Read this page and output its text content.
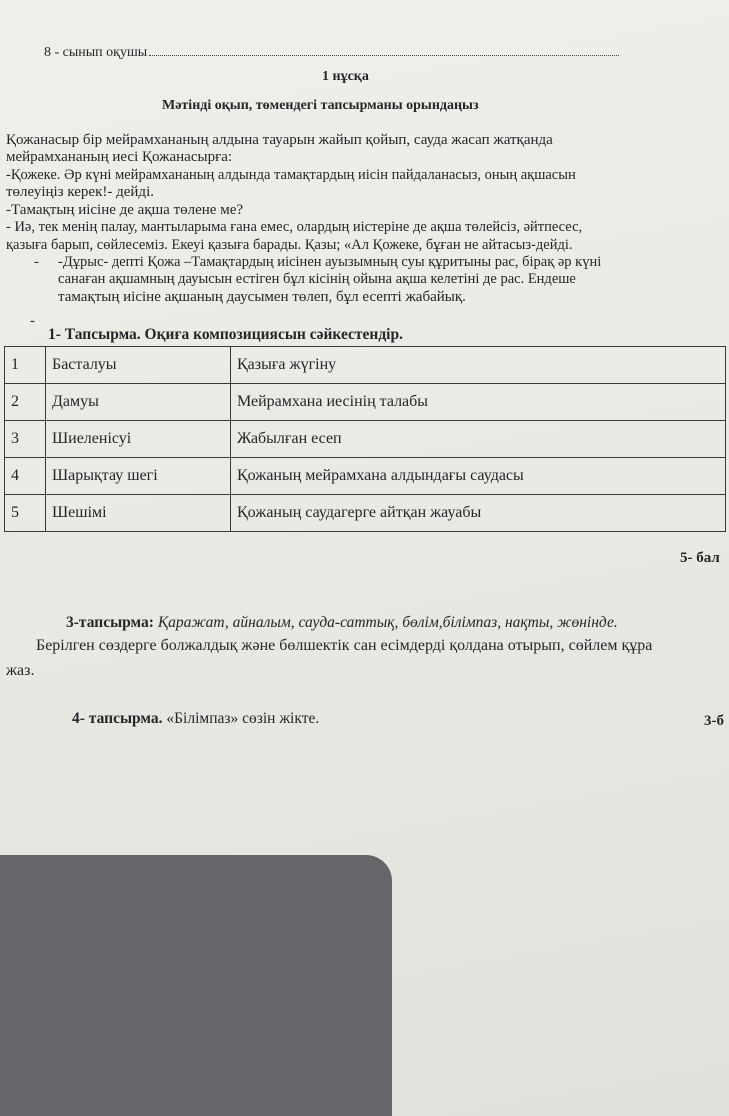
8 - сынып оқушы
1 нұсқа
Мәтінді оқып, төмендегі тапсырманы орындаңыз
Қожанасыр бір мейрамхананың алдына тауарын жайып қойып, сауда жасап жатқанда
мейрамхананың иесі Қожанасырға:
-Қожеке. Әр күні мейрамхананың алдында тамақтардың иісін пайдаланасыз, оның ақшасын
төлеуіңіз керек!- дейді.
-Тамақтың иісіне де ақша төлене ме?
- Иә, тек менің палау, мантыларыма ғана емес, олардың иістеріне де ақша төлейсіз, әйтпесес,
қазыға барып, сөйлесеміз. Екеуі қазыға барады. Қазы; «Ал Қожеке, бұған не айтасыз-дейді.
- -Дұрыс- депті Қожа –Тамақтардың иісінен ауызымның суы құритыны рас, бірақ әр күні
санаған ақшамның дауысын естіген бұл кісінің ойына ақша келетіні де рас. Ендеше
тамақтың иісіне ақшаның даусымен төлеп, бұл есепті жабайық.
-
1- Тапсырма. Оқиға композициясын сәйкестендір.
1	Басталуы	Қазыға жүгіну
2	Дамуы	Мейрамхана иесінің талабы
3	Шиеленісуі	Жабылған есеп
4	Шарықтау шегі	Қожаның мейрамхана алдындағы саудасы
5	Шешімі	Қожаның саудагерге айтқан жауабы
5- бал
3-тапсырма: Қаражат, айналым, сауда-саттық, бөлім,білімпаз, нақты, жөнінде.
Берілген сөздерге болжалдық және бөлшектік сан есімдерді қолдана отырып, сөйлем құра
жаз.
4- тапсырма. «Білімпаз» сөзін жікте.	3-б
